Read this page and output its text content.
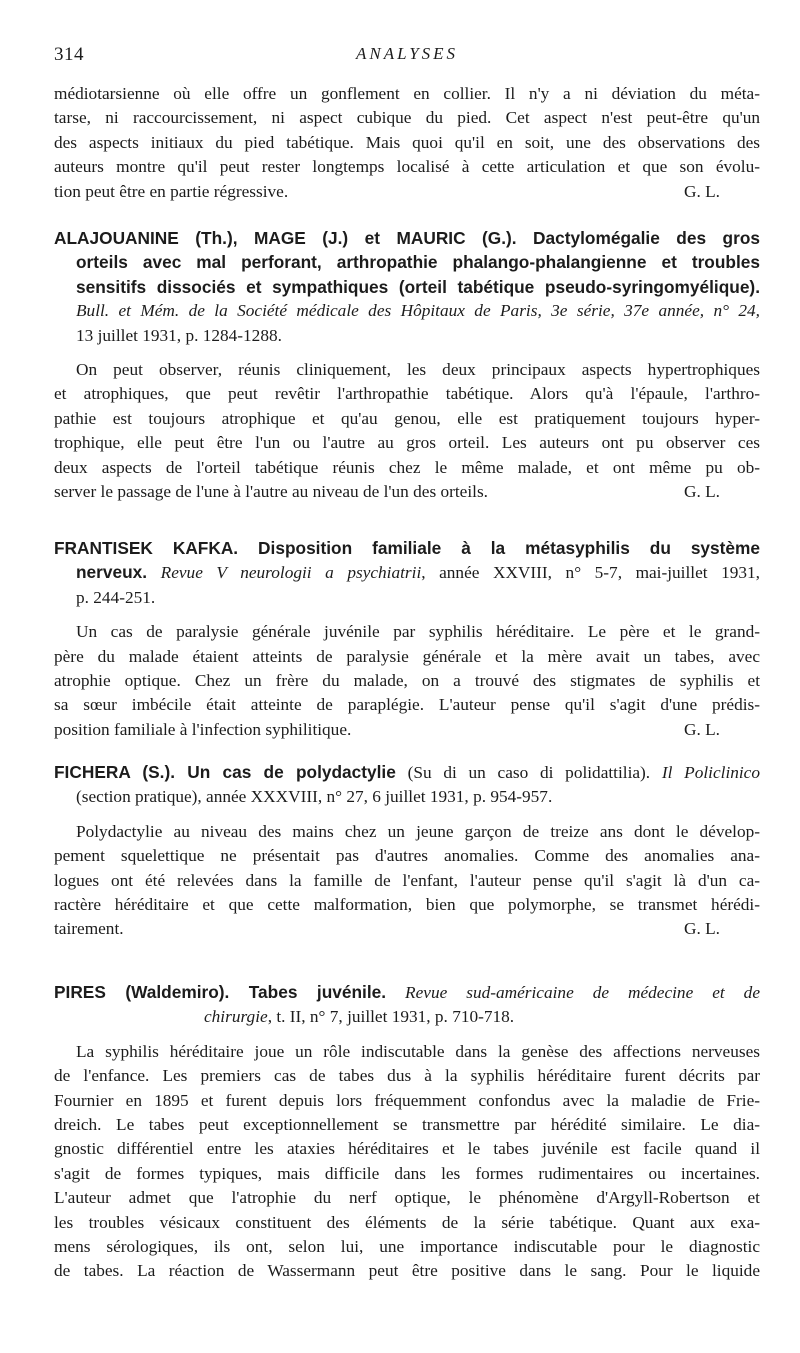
314	ANALYSES
médiotarsienne où elle offre un gonflement en collier. Il n'y a ni déviation du méta-
tarse, ni raccourcissement, ni aspect cubique du pied. Cet aspect n'est peut-être qu'un
des aspects initiaux du pied tabétique. Mais quoi qu'il en soit, une des observations des
auteurs montre qu'il peut rester longtemps localisé à cette articulation et que son évolu-
tion peut être en partie régressive.	G. L.
ALAJOUANINE (Th.), MAGE (J.) et MAURIC (G.). Dactylomégalie des gros
orteils avec mal perforant, arthropathie phalango-phalangienne et troubles
sensitifs dissociés et sympathiques (orteil tabétique pseudo-syringomyélique).
Bull. et Mém. de la Société médicale des Hôpitaux de Paris, 3e série, 37e année, n° 24,
13 juillet 1931, p. 1284-1288.
On peut observer, réunis cliniquement, les deux principaux aspects hypertrophiques
et atrophiques, que peut revêtir l'arthropathie tabétique. Alors qu'à l'épaule, l'arthro-
pathie est toujours atrophique et qu'au genou, elle est pratiquement toujours hyper-
trophique, elle peut être l'un ou l'autre au gros orteil. Les auteurs ont pu observer ces
deux aspects de l'orteil tabétique réunis chez le même malade, et ont même pu ob-
server le passage de l'une à l'autre au niveau de l'un des orteils.	G. L.
FRANTISEK KAFKA. Disposition familiale à la métasyphilis du système
nerveux. Revue V neurologii a psychiatrii, année XXVIII, n° 5-7, mai-juillet 1931,
p. 244-251.
Un cas de paralysie générale juvénile par syphilis héréditaire. Le père et le grand-
père du malade étaient atteints de paralysie générale et la mère avait un tabes, avec
atrophie optique. Chez un frère du malade, on a trouvé des stigmates de syphilis et
sa sœur imbécile était atteinte de paraplégie. L'auteur pense qu'il s'agit d'une prédis-
position familiale à l'infection syphilitique.	G. L.
FICHERA (S.). Un cas de polydactylie (Su di un caso di polidattilia). Il Policlinico
(section pratique), année XXXVIII, n° 27, 6 juillet 1931, p. 954-957.
Polydactylie au niveau des mains chez un jeune garçon de treize ans dont le dévelop-
pement squelettique ne présentait pas d'autres anomalies. Comme des anomalies ana-
logues ont été relevées dans la famille de l'enfant, l'auteur pense qu'il s'agit là d'un ca-
ractère héréditaire et que cette malformation, bien que polymorphe, se transmet hérédi-
tairement.	G. L.
PIRES (Waldemiro). Tabes juvénile. Revue sud-américaine de médecine et de
chirurgie, t. II, n° 7, juillet 1931, p. 710-718.
La syphilis héréditaire joue un rôle indiscutable dans la genèse des affections nerveuses
de l'enfance. Les premiers cas de tabes dus à la syphilis héréditaire furent décrits par
Fournier en 1895 et furent depuis lors fréquemment confondus avec la maladie de Frie-
dreich. Le tabes peut exceptionnellement se transmettre par hérédité similaire. Le dia-
gnostic différentiel entre les ataxies héréditaires et le tabes juvénile est facile quand il
s'agit de formes typiques, mais difficile dans les formes rudimentaires ou incertaines.
L'auteur admet que l'atrophie du nerf optique, le phénomène d'Argyll-Robertson et
les troubles vésicaux constituent des éléments de la série tabétique. Quant aux exa-
mens sérologiques, ils ont, selon lui, une importance indiscutable pour le diagnostic
de tabes. La réaction de Wassermann peut être positive dans le sang. Pour le liquide
